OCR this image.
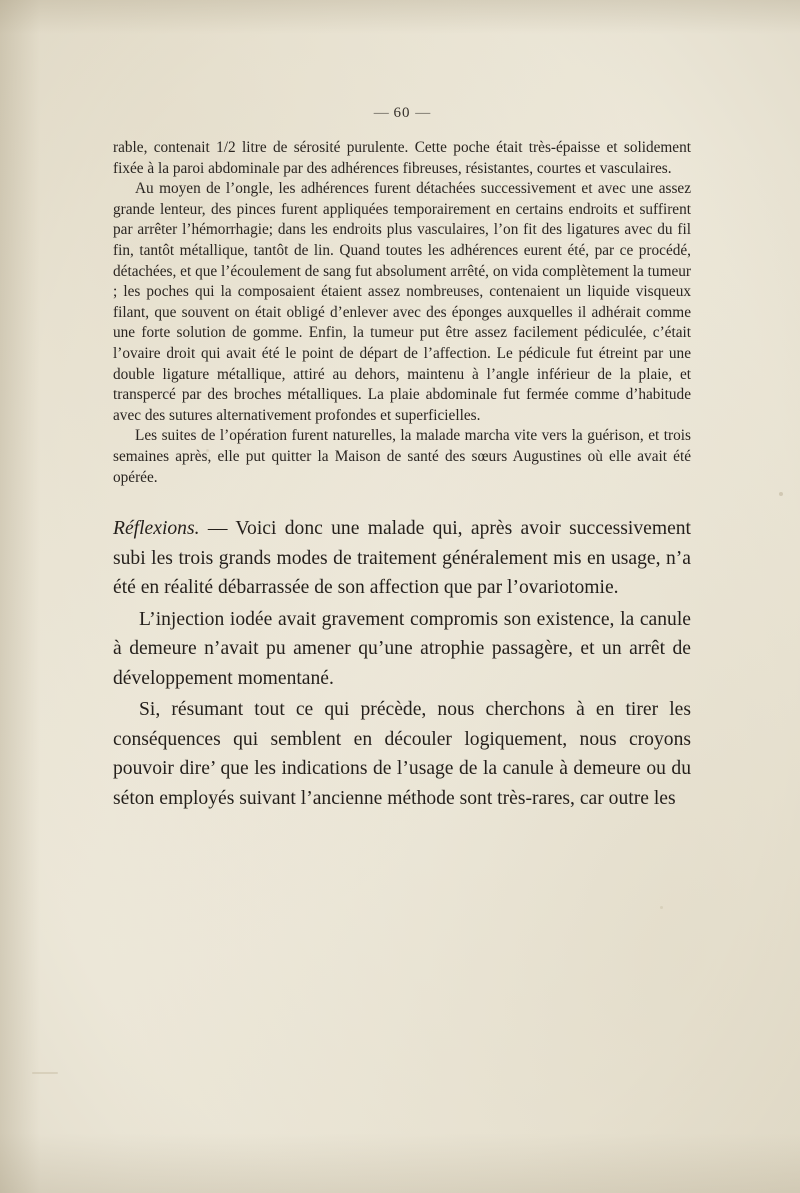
— 60 —

rable, contenait 1/2 litre de sérosité purulente. Cette poche était très-épaisse et solidement fixée à la paroi abdominale par des adhérences fibreuses, résistantes, courtes et vasculaires.

Au moyen de l’ongle, les adhérences furent détachées successivement et avec une assez grande lenteur, des pinces furent appliquées temporairement en certains endroits et suffirent par arrêter l’hémorrhagie; dans les endroits plus vasculaires, l’on fit des ligatures avec du fil fin, tantôt métallique, tantôt de lin. Quand toutes les adhérences eurent été, par ce procédé, détachées, et que l’écoulement de sang fut absolument arrêté, on vida complètement la tumeur ; les poches qui la composaient étaient assez nombreuses, contenaient un liquide visqueux filant, que souvent on était obligé d’enlever avec des éponges auxquelles il adhérait comme une forte solution de gomme. Enfin, la tumeur put être assez facilement pédiculée, c’était l’ovaire droit qui avait été le point de départ de l’affection. Le pédicule fut étreint par une double ligature métallique, attiré au dehors, maintenu à l’angle inférieur de la plaie, et transpercé par des broches métalliques. La plaie abdominale fut fermée comme d’habitude avec des sutures alternativement profondes et superficielles.

Les suites de l’opération furent naturelles, la malade marcha vite vers la guérison, et trois semaines après, elle put quitter la Maison de santé des sœurs Augustines où elle avait été opérée.

Réflexions. — Voici donc une malade qui, après avoir successivement subi les trois grands modes de traitement généralement mis en usage, n’a été en réalité débarrassée de son affection que par l’ovariotomie.

L’injection iodée avait gravement compromis son existence, la canule à demeure n’avait pu amener qu’une atrophie passagère, et un arrêt de développement momentané.

Si, résumant tout ce qui précède, nous cherchons à en tirer les conséquences qui semblent en découler logiquement, nous croyons pouvoir dire’ que les indications de l’usage de la canule à demeure ou du séton employés suivant l’ancienne méthode sont très-rares, car outre les
